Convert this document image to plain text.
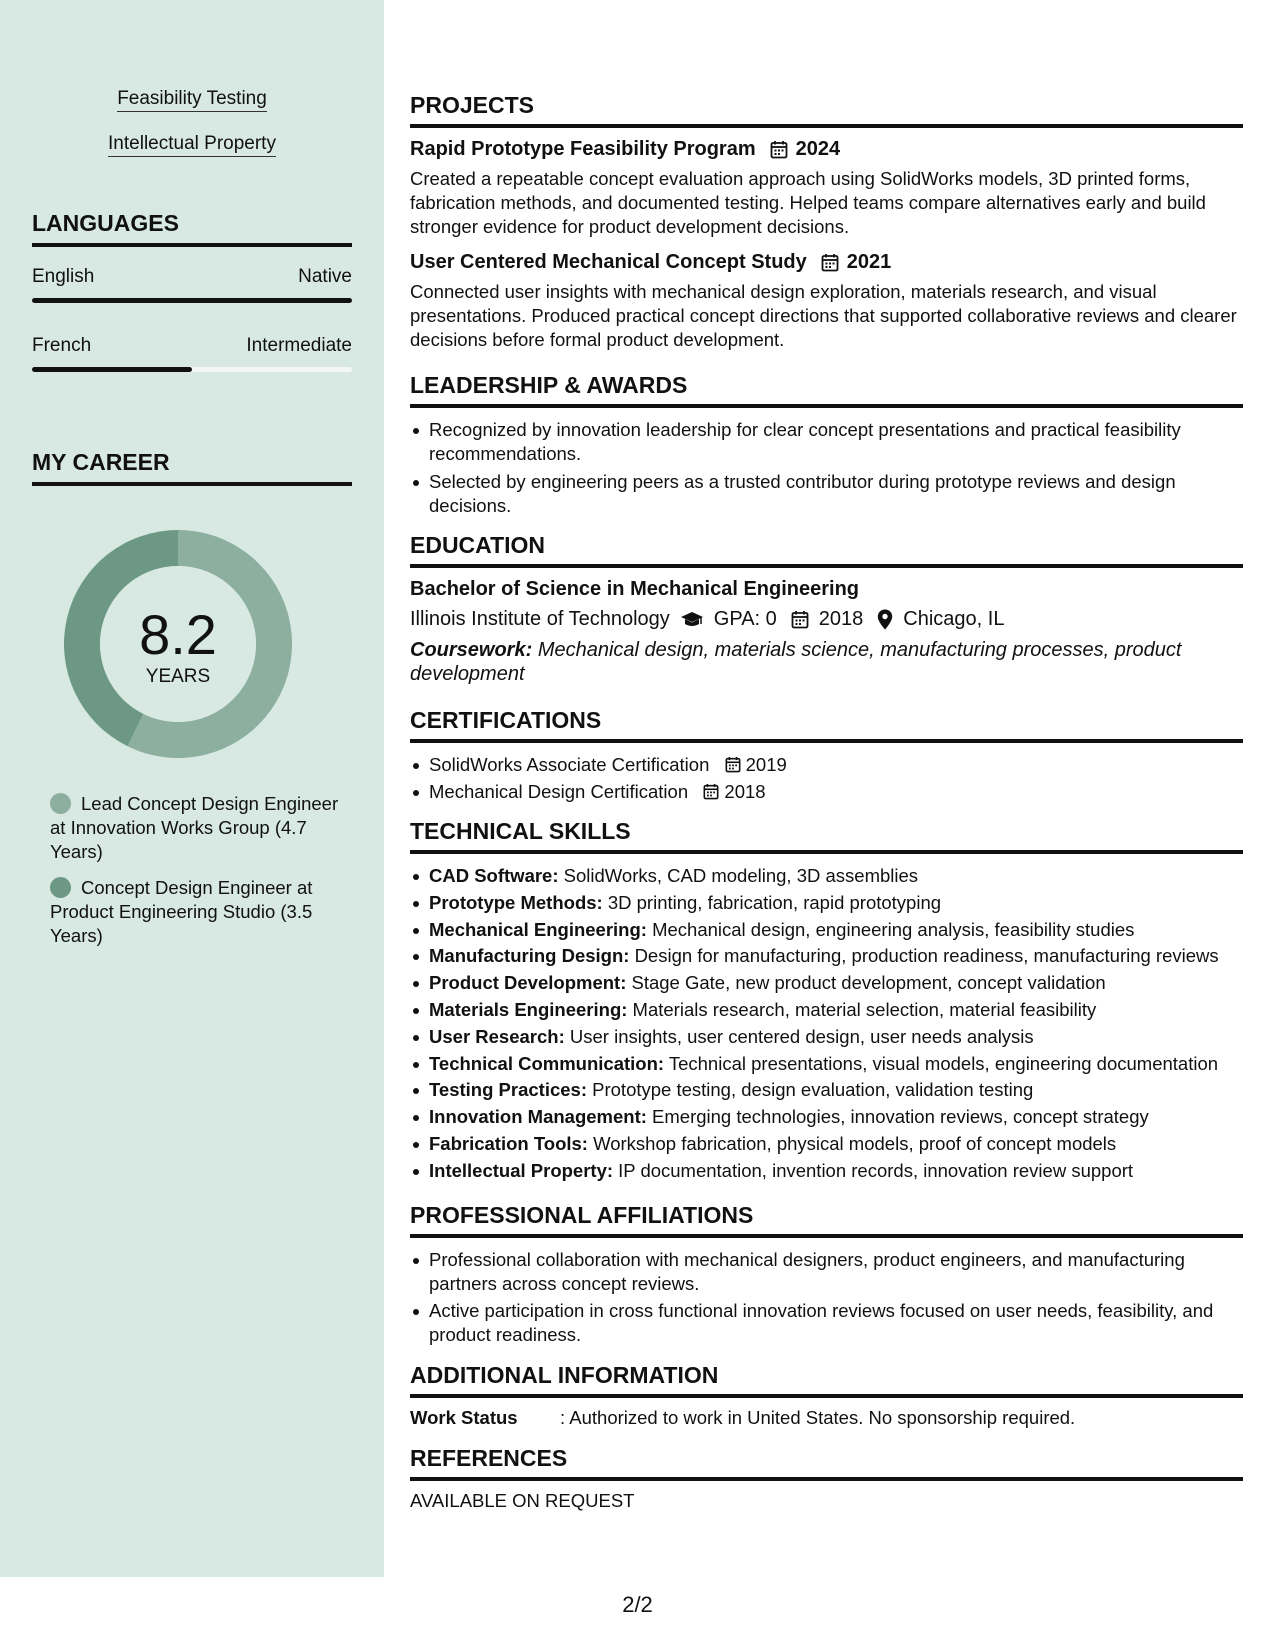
Feasibility Testing
Intellectual Property
LANGUAGES
English	Native
French	Intermediate
MY CAREER
8.2
YEARS
Lead Concept Design Engineer at Innovation Works Group (4.7 Years)
Concept Design Engineer at Product Engineering Studio (3.5 Years)
PROJECTS
Rapid Prototype Feasibility Program 2024
Created a repeatable concept evaluation approach using SolidWorks models, 3D printed forms, fabrication methods, and documented testing. Helped teams compare alternatives early and build stronger evidence for product development decisions.
User Centered Mechanical Concept Study 2021
Connected user insights with mechanical design exploration, materials research, and visual presentations. Produced practical concept directions that supported collaborative reviews and clearer decisions before formal product development.
LEADERSHIP & AWARDS
Recognized by innovation leadership for clear concept presentations and practical feasibility recommendations.
Selected by engineering peers as a trusted contributor during prototype reviews and design decisions.
EDUCATION
Bachelor of Science in Mechanical Engineering
Illinois Institute of Technology GPA: 0 2018 Chicago, IL
Coursework: Mechanical design, materials science, manufacturing processes, product development
CERTIFICATIONS
SolidWorks Associate Certification 2019
Mechanical Design Certification 2018
TECHNICAL SKILLS
CAD Software: SolidWorks, CAD modeling, 3D assemblies
Prototype Methods: 3D printing, fabrication, rapid prototyping
Mechanical Engineering: Mechanical design, engineering analysis, feasibility studies
Manufacturing Design: Design for manufacturing, production readiness, manufacturing reviews
Product Development: Stage Gate, new product development, concept validation
Materials Engineering: Materials research, material selection, material feasibility
User Research: User insights, user centered design, user needs analysis
Technical Communication: Technical presentations, visual models, engineering documentation
Testing Practices: Prototype testing, design evaluation, validation testing
Innovation Management: Emerging technologies, innovation reviews, concept strategy
Fabrication Tools: Workshop fabrication, physical models, proof of concept models
Intellectual Property: IP documentation, invention records, innovation review support
PROFESSIONAL AFFILIATIONS
Professional collaboration with mechanical designers, product engineers, and manufacturing partners across concept reviews.
Active participation in cross functional innovation reviews focused on user needs, feasibility, and product readiness.
ADDITIONAL INFORMATION
Work Status : Authorized to work in United States. No sponsorship required.
REFERENCES
AVAILABLE ON REQUEST
2/2
